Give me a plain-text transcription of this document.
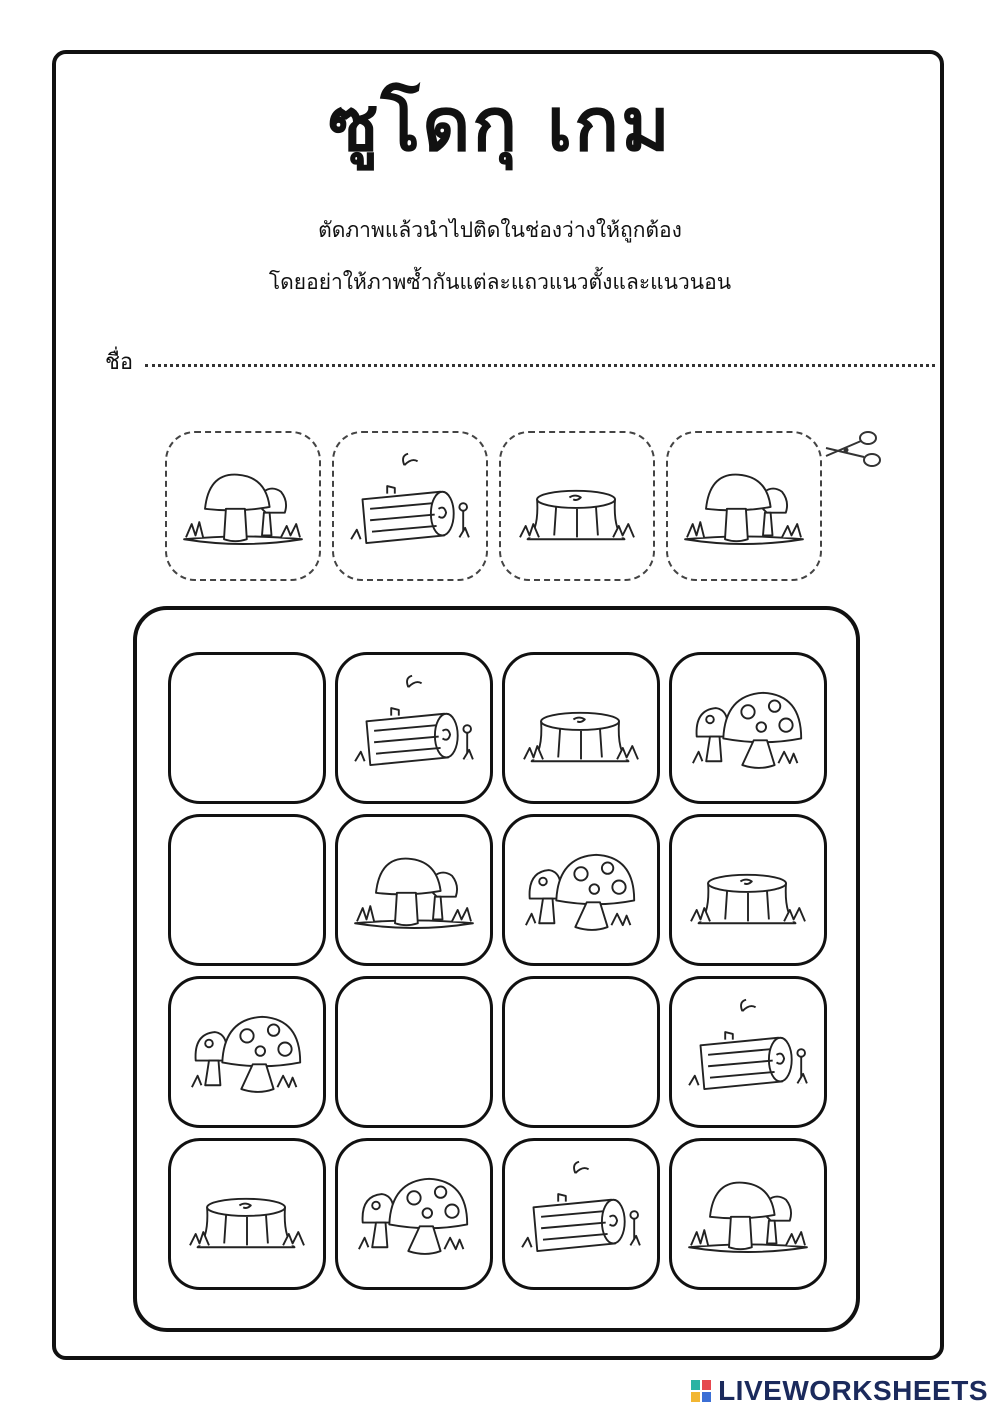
ซูโดกุ เกม
ตัดภาพแล้วนำไปติดในช่องว่างให้ถูกต้อง
โดยอย่าให้ภาพซ้ำกันแต่ละแถวแนวตั้งและแนวนอน
ชื่อ
LIVEWORKSHEETS
